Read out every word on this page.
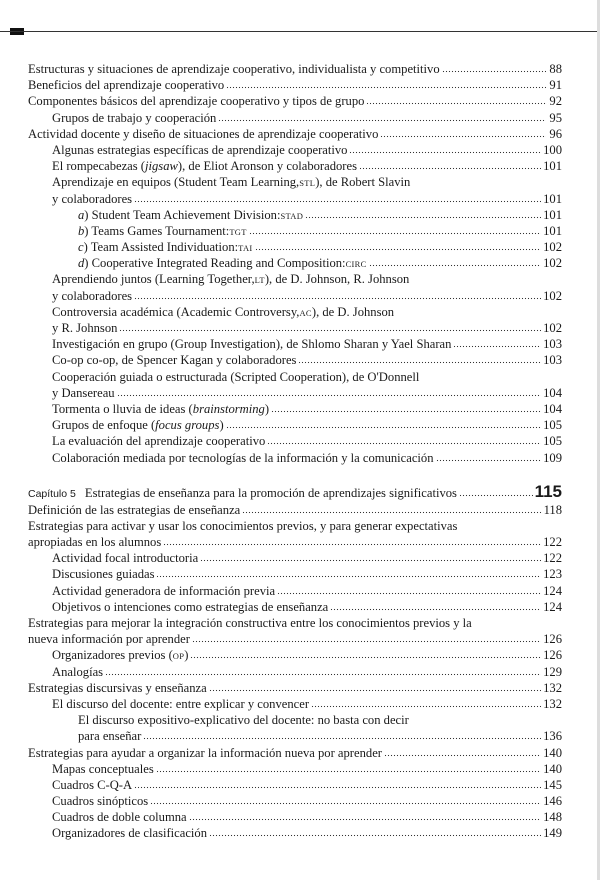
Estructuras y situaciones de aprendizaje cooperativo, individualista y competitivo	88
Beneficios del aprendizaje cooperativo	91
Componentes básicos del aprendizaje cooperativo y tipos de grupo	92
Grupos de trabajo y cooperación	95
Actividad docente y diseño de situaciones de aprendizaje cooperativo	96
Algunas estrategias específicas de aprendizaje cooperativo	100
El rompecabezas ( jigsaw ), de Eliot Aronson y colaboradores	101
Aprendizaje en equipos (Student Team Learning, STL ), de Robert Slavin
y colaboradores	101
a ) Student Team Achievement Division: STAD	101
b ) Teams Games Tournament: TGT	101
c ) Team Assisted Individuation: TAI	102
d ) Cooperative Integrated Reading and Composition: CIRC	102
Aprendiendo juntos (Learning Together, LT ), de D. Johnson, R. Johnson
y colaboradores	102
Controversia académica (Academic Controversy, AC ), de D. Johnson
y R. Johnson	102
Investigación en grupo (Group Investigation), de Shlomo Sharan y Yael Sharan	103
Co-op co-op, de Spencer Kagan y colaboradores	103
Cooperación guiada o estructurada (Scripted Cooperation), de O'Donnell
y Dansereau	104
Tormenta o lluvia de ideas ( brainstorming )	104
Grupos de enfoque ( focus groups )	105
La evaluación del aprendizaje cooperativo	105
Colaboración mediada por tecnologías de la información y la comunicación	109
Capítulo 5 Estrategias de enseñanza para la promoción de aprendizajes significativos	115
Definición de las estrategias de enseñanza	118
Estrategias para activar y usar los conocimientos previos, y para generar expectativas
apropiadas en los alumnos	122
Actividad focal introductoria	122
Discusiones guiadas	123
Actividad generadora de información previa	124
Objetivos o intenciones como estrategias de enseñanza	124
Estrategias para mejorar la integración constructiva entre los conocimientos previos y la
nueva información por aprender	126
Organizadores previos ( OP )	126
Analogías	129
Estrategias discursivas y enseñanza	132
El discurso del docente: entre explicar y convencer	132
El discurso expositivo-explicativo del docente: no basta con decir
para enseñar	136
Estrategias para ayudar a organizar la información nueva por aprender	140
Mapas conceptuales	140
Cuadros C-Q-A	145
Cuadros sinópticos	146
Cuadros de doble columna	148
Organizadores de clasificación	149
